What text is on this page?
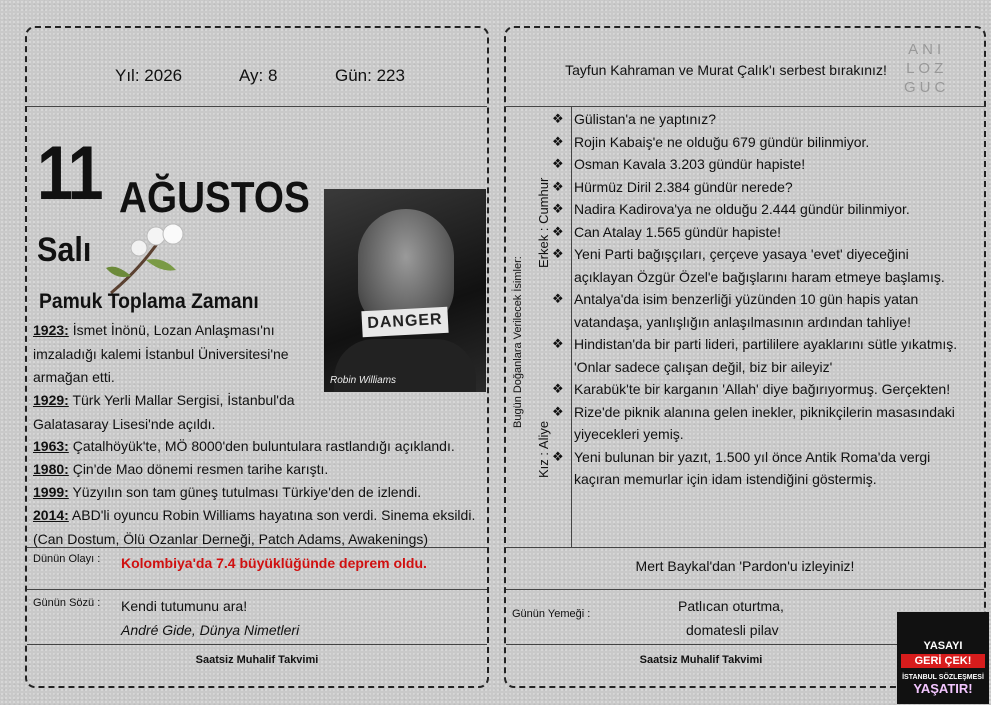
Yıl: 2026	Ay: 8	Gün: 223
11 AĞUSTOS
Salı
Pamuk Toplama Zamanı
DANGER
Robin Williams
1923: İsmet İnönü, Lozan Anlaşması'nı imzaladığı kalemi İstanbul Üniversitesi'ne armağan etti.
1929: Türk Yerli Mallar Sergisi, İstanbul'da Galatasaray Lisesi'nde açıldı.
1963: Çatalhöyük'te, MÖ 8000'den buluntulara rastlandığı açıklandı.
1980: Çin'de Mao dönemi resmen tarihe karıştı.
1999: Yüzyılın son tam güneş tutulması Türkiye'den de izlendi.
2014: ABD'li oyuncu Robin Williams hayatına son verdi. Sinema eksildi. (Can Dostum, Ölü Ozanlar Derneği, Patch Adams, Awakenings)
Dünün Olayı : Kolombiya'da 7.4 büyüklüğünde deprem oldu.
Günün Sözü : Kendi tutumunu ara!
André Gide, Dünya Nimetleri
Saatsiz Muhalif Takvimi
Tayfun Kahraman ve Murat Çalık'ı serbest bırakınız!
ANI
LOZ
GUC
Bugün Doğanlara Verilecek İsimler:
Erkek : Cumhur
Kız : Aliye
❖ Gülistan'a ne yaptınız?
❖ Rojin Kabaiş'e ne olduğu 679 gündür bilinmiyor.
❖ Osman Kavala 3.203 gündür hapiste!
❖ Hürmüz Diril 2.384 gündür nerede?
❖ Nadira Kadirova'ya ne olduğu 2.444 gündür bilinmiyor.
❖ Can Atalay 1.565 gündür hapiste!
❖ Yeni Parti bağışçıları, çerçeve yasaya 'evet' diyeceğini açıklayan Özgür Özel'e bağışlarını haram etmeye başlamış.
❖ Antalya'da isim benzerliği yüzünden 10 gün hapis yatan vatandaşa, yanlışlığın anlaşılmasının ardından tahliye!
❖ Hindistan'da bir parti lideri, partililere ayaklarını sütle yıkatmış. 'Onlar sadece çalışan değil, biz bir aileyiz'
❖ Karabük'te bir karganın 'Allah' diye bağırıyormuş. Gerçekten!
❖ Rize'de piknik alanına gelen inekler, piknikçilerin masasındaki yiyecekleri yemiş.
❖ Yeni bulunan bir yazıt, 1.500 yıl önce Antik Roma'da vergi kaçıran memurlar için idam istendiğini göstermiş.
Mert Baykal'dan 'Pardon'u izleyiniz!
Günün Yemeği :	Patlıcan oturtma,
domatesli pilav
Saatsiz Muhalif Takvimi
YASAYI
GERİ ÇEK!
İSTANBUL SÖZLEŞMESİ
YAŞATIR!
